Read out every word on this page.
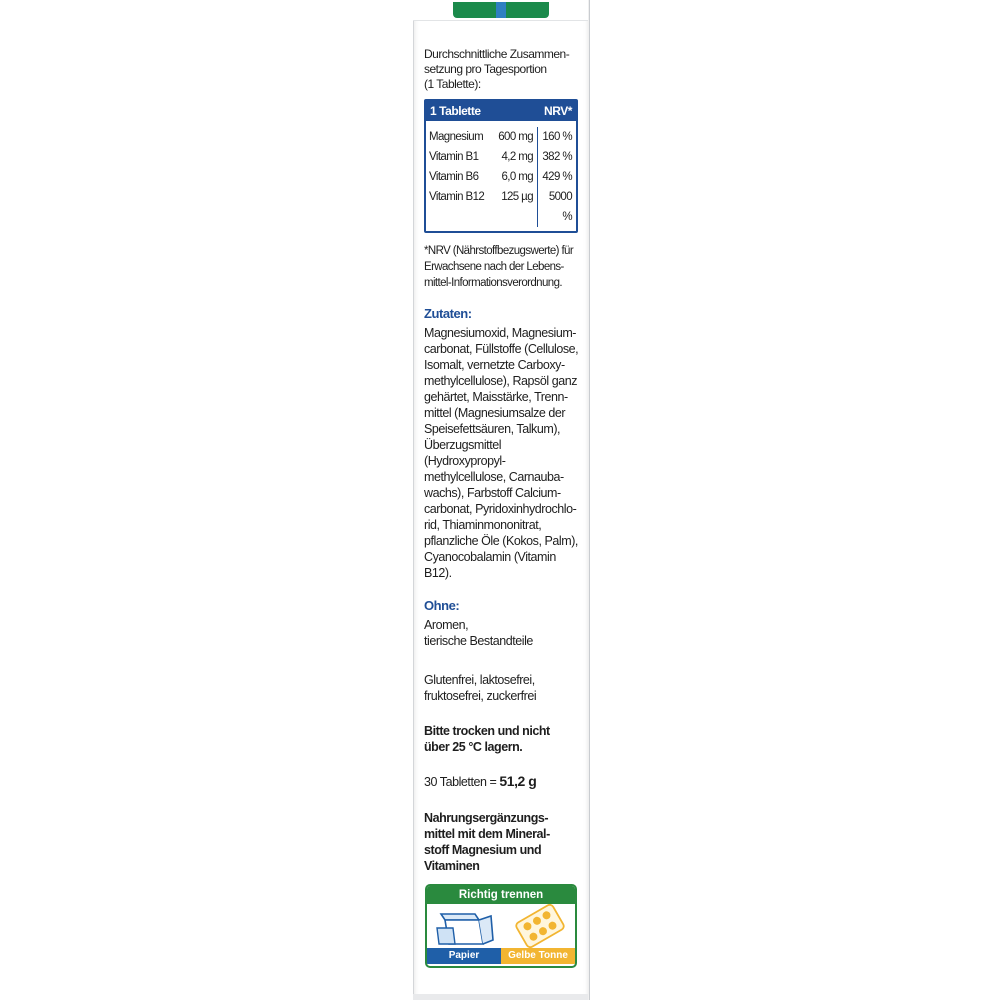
Durchschnittliche Zusammen-
setzung pro Tagesportion
(1 Tablette):
1 Tablette	NRV*
Magnesium	600 mg 160 %
Vitamin B1	4,2 mg 382 %
Vitamin B6	6,0 mg 429 %
Vitamin B12	125 µg	5000 %
*NRV (Nährstoffbezugswerte) für
Erwachsene nach der Lebens-
mittel-Informationsverordnung.
Zutaten:
Magnesiumoxid, Magnesium-
carbonat, Füllstoffe (Cellulose,
Isomalt, vernetzte Carboxy-
methylcellulose), Rapsöl ganz
gehärtet, Maisstärke, Trenn-
mittel (Magnesiumsalze der
Speisefettsäuren, Talkum),
Überzugsmittel (Hydroxypropyl-
methylcellulose, Carnauba-
wachs), Farbstoff Calcium-
carbonat, Pyridoxinhydrochlo-
rid, Thiaminmononitrat,
pflanzliche Öle (Kokos, Palm),
Cyanocobalamin (Vitamin B12).
Ohne:
Aromen,
tierische Bestandteile
Glutenfrei, laktosefrei,
fruktosefrei, zuckerfrei
Bitte trocken und nicht
über 25 °C lagern.
30 Tabletten = 51,2 g
Nahrungsergänzungs-
mittel mit dem Mineral-
stoff Magnesium und
Vitaminen
Richtig trennen
Papier	Gelbe Tonne
